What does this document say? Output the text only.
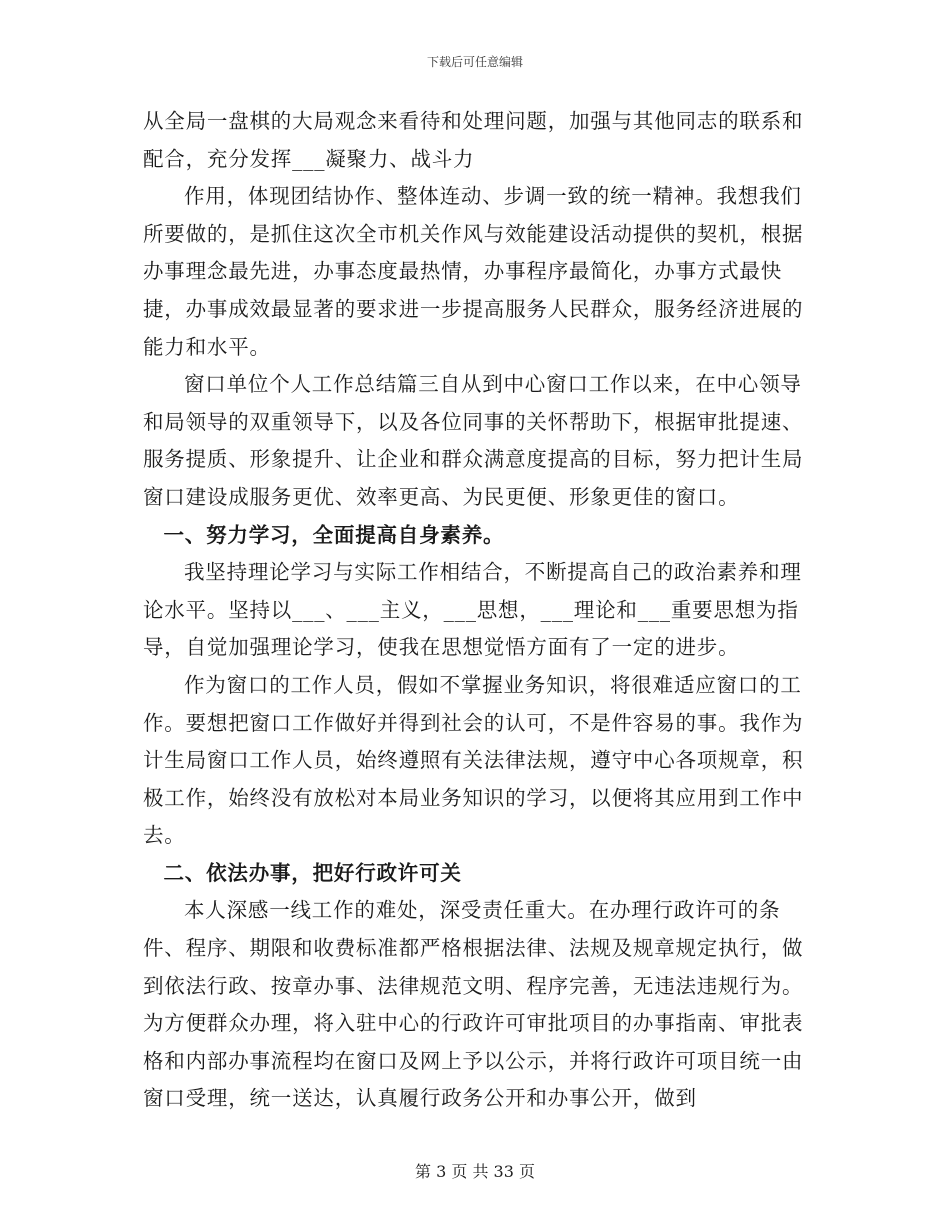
下载后可任意编辑

从全局一盘棋的大局观念来看待和处理问题，加强与其他同志的联系和配合，充分发挥___凝聚力、战斗力

作用，体现团结协作、整体连动、步调一致的统一精神。我想我们所要做的，是抓住这次全市机关作风与效能建设活动提供的契机，根据办事理念最先进，办事态度最热情，办事程序最简化，办事方式最快捷，办事成效最显著的要求进一步提高服务人民群众，服务经济进展的能力和水平。

窗口单位个人工作总结篇三自从到中心窗口工作以来，在中心领导和局领导的双重领导下，以及各位同事的关怀帮助下，根据审批提速、服务提质、形象提升、让企业和群众满意度提高的目标，努力把计生局窗口建设成服务更优、效率更高、为民更便、形象更佳的窗口。

一、努力学习，全面提高自身素养。

我坚持理论学习与实际工作相结合，不断提高自己的政治素养和理论水平。坚持以___、___主义，___思想，___理论和___重要思想为指导，自觉加强理论学习，使我在思想觉悟方面有了一定的进步。

作为窗口的工作人员，假如不掌握业务知识，将很难适应窗口的工作。要想把窗口工作做好并得到社会的认可，不是件容易的事。我作为计生局窗口工作人员，始终遵照有关法律法规，遵守中心各项规章，积极工作，始终没有放松对本局业务知识的学习，以便将其应用到工作中去。

二、依法办事，把好行政许可关

本人深感一线工作的难处，深受责任重大。在办理行政许可的条件、程序、期限和收费标准都严格根据法律、法规及规章规定执行，做到依法行政、按章办事、法律规范文明、程序完善，无违法违规行为。为方便群众办理，将入驻中心的行政许可审批项目的办事指南、审批表格和内部办事流程均在窗口及网上予以公示，并将行政许可项目统一由窗口受理，统一送达，认真履行政务公开和办事公开，做到

第 3 页 共 33 页
